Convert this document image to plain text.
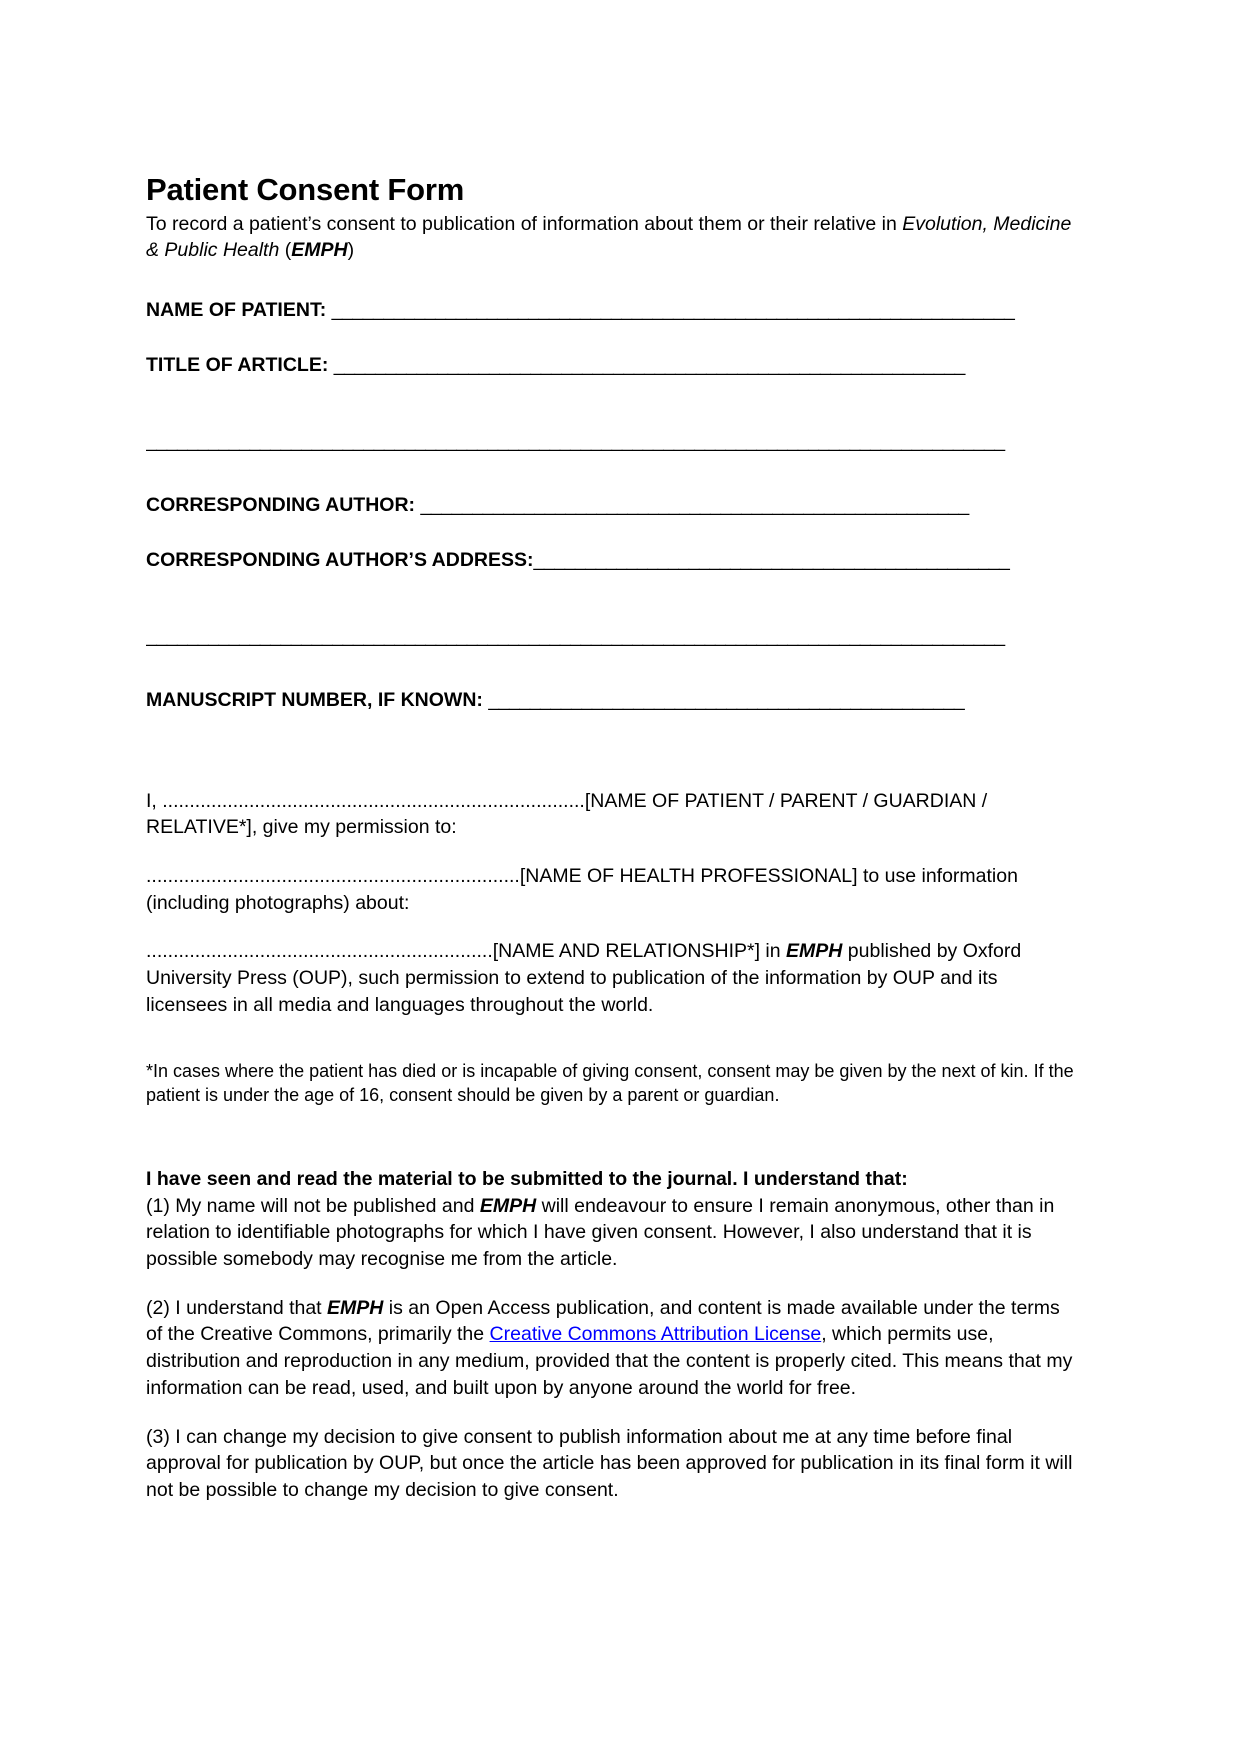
Patient Consent Form

To record a patient’s consent to publication of information about them or their relative in Evolution, Medicine & Public Health (EMPH)

NAME OF PATIENT: __________________________________________________________________
TITLE OF ARTICLE: _____________________________________________________________
___________________________________________________________________________________
CORRESPONDING AUTHOR: _____________________________________________________
CORRESPONDING AUTHOR’S ADDRESS:______________________________________________
___________________________________________________________________________________
MANUSCRIPT NUMBER, IF KNOWN: ______________________________________________

I, ..............................................................................[NAME OF PATIENT / PARENT / GUARDIAN / RELATIVE*], give my permission to:

.....................................................................[NAME OF HEALTH PROFESSIONAL] to use information (including photographs) about:

................................................................[NAME AND RELATIONSHIP*] in EMPH published by Oxford University Press (OUP), such permission to extend to publication of the information by OUP and its licensees in all media and languages throughout the world.

*In cases where the patient has died or is incapable of giving consent, consent may be given by the next of kin. If the patient is under the age of 16, consent should be given by a parent or guardian.

I have seen and read the material to be submitted to the journal. I understand that:

(1) My name will not be published and EMPH will endeavour to ensure I remain anonymous, other than in relation to identifiable photographs for which I have given consent. However, I also understand that it is possible somebody may recognise me from the article.

(2) I understand that EMPH is an Open Access publication, and content is made available under the terms of the Creative Commons, primarily the Creative Commons Attribution License, which permits use, distribution and reproduction in any medium, provided that the content is properly cited. This means that my information can be read, used, and built upon by anyone around the world for free.

(3) I can change my decision to give consent to publish information about me at any time before final approval for publication by OUP, but once the article has been approved for publication in its final form it will not be possible to change my decision to give consent.
